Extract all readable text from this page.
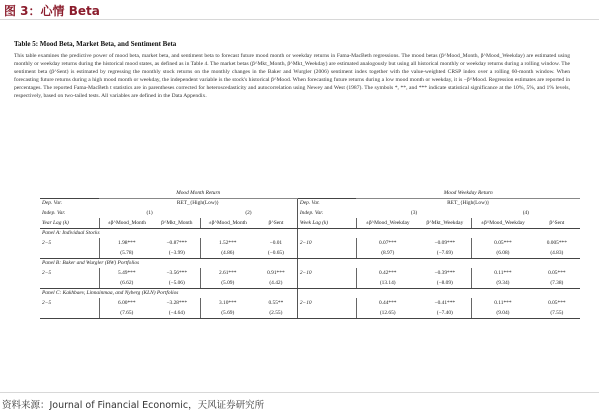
图 3：心情 Beta
Table 5: Mood Beta, Market Beta, and Sentiment Beta
This table examines the predictive power of mood beta, market beta, and sentiment beta to forecast future mood month or weekday returns in Fama-MacBeth regressions. The mood betas (β^Mood_Month, β^Mood_Weekday) are estimated using monthly or weekday returns during the historical mood states, as defined as in Table 4. The market betas (β^Mkt_Month, β^Mkt_Weekday) are estimated analogously but using all historical monthly or weekday returns during a rolling window. The sentiment beta (β^Sent) is estimated by regressing the monthly stock returns on the monthly changes in the Baker and Wurgler (2006) sentiment index together with the value-weighted CRSP index over a rolling 60-month window. When forecasting future returns during a high mood month or weekday, the independent variable is the stock's historical β^Mood. When forecasting future returns during a low mood month or weekday, it is −β^Mood. Regression estimates are reported in percentages. The reported Fama-MacBeth t statistics are in parentheses corrected for heteroscedasticity and autocorrelation using Newey and West (1987). The symbols *, **, and *** indicate statistical significance at the 10%, 5%, and 1% levels, respectively, based on two-tailed tests. All variables are defined in the Data Appendix.
	Mood Month Return					Mood Weekday Return			
Dep. Var.	RET_{High(Low)}				Dep. Var.	RET_{High(Low)}			
Indep. Var.	(1)		(2)		Indep. Var.	(3)		(4)	
Year Lag (k)	±β^Mood_Month	β^Mkt_Month	±β^Mood_Month	β^Sent	Week Lag (k)	±β^Mood_Weekday	β^Mkt_Weekday	±β^Mood_Weekday	β^Sent
Panel A: Individual Stocks									
2−5	1.98***	−0.87***	1.52***	−0.01	2−10	0.07***	−0.09***	0.05***	0.005***
	(5.78)	(−3.99)	(4.86)	(−0.65)		(8.97)	(−7.69)	(6.08)	(4.83)
Panel B: Baker and Wurgler (BW) Portfolios									
2−5	5.49***	−3.56***	2.61***	0.91***	2−10	0.42***	−0.39***	0.11***	0.05***
	(6.62)	(−5.06)	(5.09)	(4.42)		(13.14)	(−8.09)	(9.34)	(7.38)
Panel C: Kakhbaev, Linnainmaa, and Nyberg (KLN) Portfolios									
2−5	6.00***	−3.28***	3.10***	0.55**	2−10	0.44***	−0.41***	0.11***	0.05***
	(7.65)	(−4.64)	(5.69)	(2.55)		(12.65)	(−7.40)	(9.04)	(7.55)
资料来源：Journal of Financial Economic，天风证券研究所
